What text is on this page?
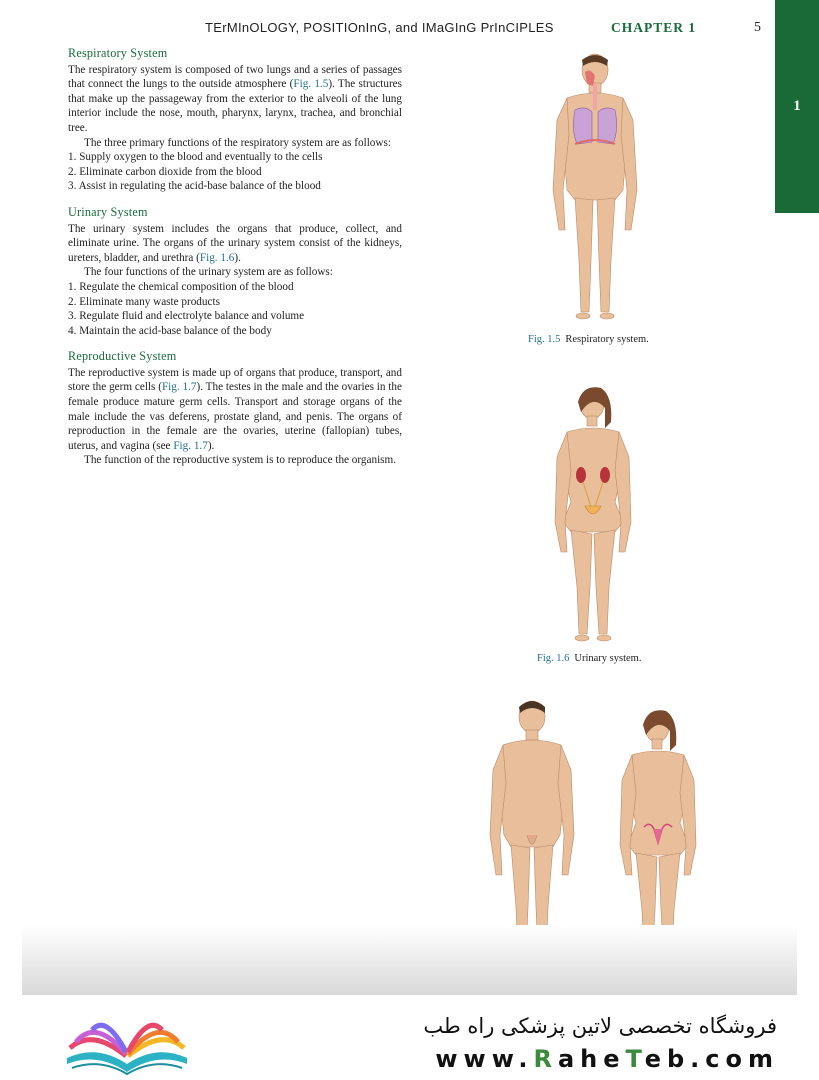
TErMInOLOGY, POSITIOnInG, and IMaGInG PrInCIPLES	CHAPTER 1	5
1
Respiratory System

The respiratory system is composed of two lungs and a series of passages that connect the lungs to the outside atmosphere (Fig. 1.5). The structures that make up the passageway from the exterior to the alveoli of the lung interior include the nose, mouth, pharynx, larynx, trachea, and bronchial tree.

The three primary functions of the respiratory system are as follows:

1. Supply oxygen to the blood and eventually to the cells
2. Eliminate carbon dioxide from the blood
3. Assist in regulating the acid-base balance of the blood
Urinary System

The urinary system includes the organs that produce, collect, and eliminate urine. The organs of the urinary system consist of the kidneys, ureters, bladder, and urethra (Fig. 1.6).

The four functions of the urinary system are as follows:

1. Regulate the chemical composition of the blood
2. Eliminate many waste products
3. Regulate fluid and electrolyte balance and volume
4. Maintain the acid-base balance of the body
Reproductive System

The reproductive system is made up of organs that produce, transport, and store the germ cells (Fig. 1.7). The testes in the male and the ovaries in the female produce mature germ cells. Transport and storage organs of the male include the vas deferens, prostate gland, and penis. The organs of reproduction in the female are the ovaries, uterine (fallopian) tubes, uterus, and vagina (see Fig. 1.7).

The function of the reproductive system is to reproduce the organism.

Fig. 1.5 Respiratory system.
Fig. 1.6 Urinary system.
فروشگاه تخصصی لاتین پزشکی راه طب
www.RaheTeb.com
